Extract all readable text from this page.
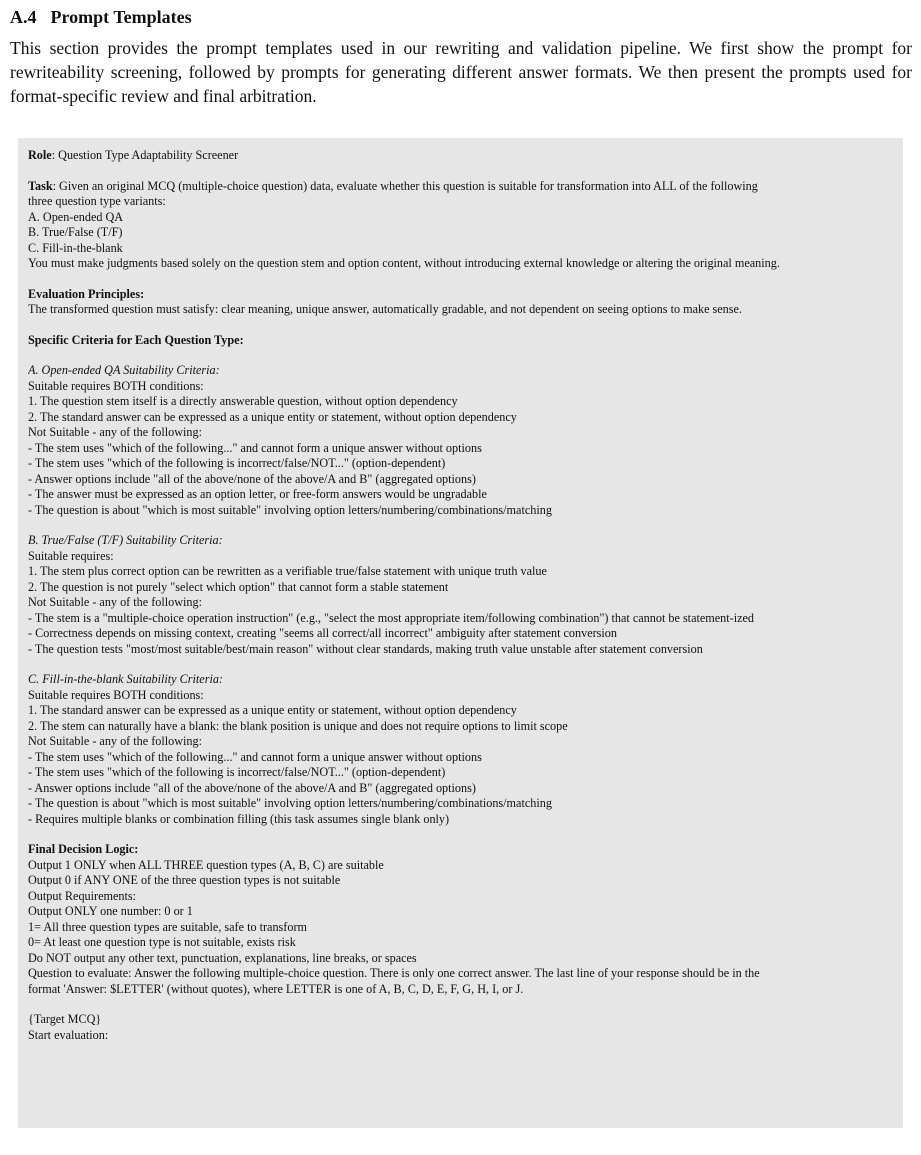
A.4 Prompt Templates

This section provides the prompt templates used in our rewriting and validation pipeline. We first show the prompt for rewriteability screening, followed by prompts for generating different answer formats. We then present the prompts used for format-specific review and final arbitration.

Role: Question Type Adaptability Screener
Task: Given an original MCQ (multiple-choice question) data, evaluate whether this question is suitable for transformation into ALL of the following
three question type variants:
A. Open-ended QA
B. True/False (T/F)
C. Fill-in-the-blank
You must make judgments based solely on the question stem and option content, without introducing external knowledge or altering the original meaning.
Evaluation Principles:
The transformed question must satisfy: clear meaning, unique answer, automatically gradable, and not dependent on seeing options to make sense.
Specific Criteria for Each Question Type:
A. Open-ended QA Suitability Criteria:
Suitable requires BOTH conditions:
1. The question stem itself is a directly answerable question, without option dependency
2. The standard answer can be expressed as a unique entity or statement, without option dependency
Not Suitable - any of the following:
- The stem uses "which of the following..." and cannot form a unique answer without options
- The stem uses "which of the following is incorrect/false/NOT..." (option-dependent)
- Answer options include "all of the above/none of the above/A and B" (aggregated options)
- The answer must be expressed as an option letter, or free-form answers would be ungradable
- The question is about "which is most suitable" involving option letters/numbering/combinations/matching
B. True/False (T/F) Suitability Criteria:
Suitable requires:
1. The stem plus correct option can be rewritten as a verifiable true/false statement with unique truth value
2. The question is not purely "select which option" that cannot form a stable statement
Not Suitable - any of the following:
- The stem is a "multiple-choice operation instruction" (e.g., "select the most appropriate item/following combination") that cannot be statement-ized
- Correctness depends on missing context, creating "seems all correct/all incorrect" ambiguity after statement conversion
- The question tests "most/most suitable/best/main reason" without clear standards, making truth value unstable after statement conversion
C. Fill-in-the-blank Suitability Criteria:
Suitable requires BOTH conditions:
1. The standard answer can be expressed as a unique entity or statement, without option dependency
2. The stem can naturally have a blank: the blank position is unique and does not require options to limit scope
Not Suitable - any of the following:
- The stem uses "which of the following..." and cannot form a unique answer without options
- The stem uses "which of the following is incorrect/false/NOT..." (option-dependent)
- Answer options include "all of the above/none of the above/A and B" (aggregated options)
- The question is about "which is most suitable" involving option letters/numbering/combinations/matching
- Requires multiple blanks or combination filling (this task assumes single blank only)
Final Decision Logic:
Output 1 ONLY when ALL THREE question types (A, B, C) are suitable
Output 0 if ANY ONE of the three question types is not suitable
Output Requirements:
Output ONLY one number: 0 or 1
1= All three question types are suitable, safe to transform
0= At least one question type is not suitable, exists risk
Do NOT output any other text, punctuation, explanations, line breaks, or spaces
Question to evaluate: Answer the following multiple-choice question. There is only one correct answer. The last line of your response should be in the
format 'Answer: $LETTER' (without quotes), where LETTER is one of A, B, C, D, E, F, G, H, I, or J.
{Target MCQ}
Start evaluation:
